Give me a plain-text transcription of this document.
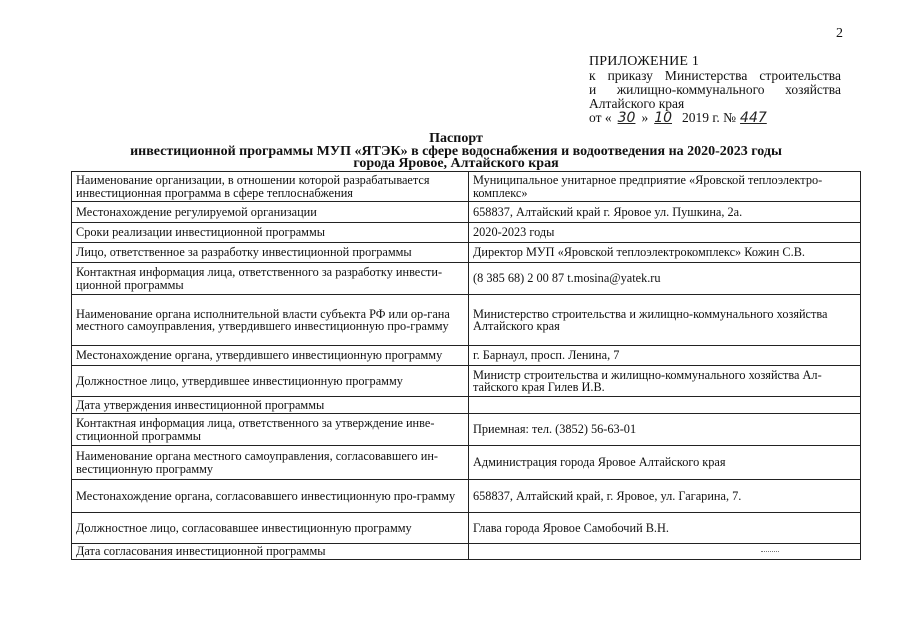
2
ПРИЛОЖЕНИЕ 1
к приказу Министерства строительства
и жилищно-коммунального хозяйства
Алтайского края
от « 30 » 10 2019 г. № 447
Паспорт
инвестиционной программы МУП «ЯТЭК» в сфере водоснабжения и водоотведения на 2020-2023 годы
города Яровое, Алтайского края
Наименование организации, в отношении которой разрабатывается инвестиционная программа в сфере теплоснабжения	Муниципальное унитарное предприятие «Яровской теплоэлектро-комплекс»
Местонахождение регулируемой организации	658837, Алтайский край г. Яровое ул. Пушкина, 2а.
Сроки реализации инвестиционной программы	2020-2023 годы
Лицо, ответственное за разработку инвестиционной программы	Директор МУП «Яровской теплоэлектрокомплекс» Кожин С.В.
Контактная информация лица, ответственного за разработку инвести-ционной программы	(8 385 68) 2 00 87 t.mosina@yatek.ru
Наименование органа исполнительной власти субъекта РФ или ор-гана местного самоуправления, утвердившего инвестиционную про-грамму	Министерство строительства и жилищно-коммунального хозяйства Алтайского края
Местонахождение органа, утвердившего инвестиционную программу	г. Барнаул, просп. Ленина, 7
Должностное лицо, утвердившее инвестиционную программу	Министр строительства и жилищно-коммунального хозяйства Ал-тайского края Гилев И.В.
Дата утверждения инвестиционной программы	
Контактная информация лица, ответственного за утверждение инве-стиционной программы	Приемная: тел. (3852) 56-63-01
Наименование органа местного самоуправления, согласовавшего ин-вестиционную программу	Администрация города Яровое Алтайского края
Местонахождение органа, согласовавшего инвестиционную про-грамму	658837, Алтайский край, г. Яровое, ул. Гагарина, 7.
Должностное лицо, согласовавшее инвестиционную программу	Глава города Яровое Самобочий В.Н.
Дата согласования инвестиционной программы	
